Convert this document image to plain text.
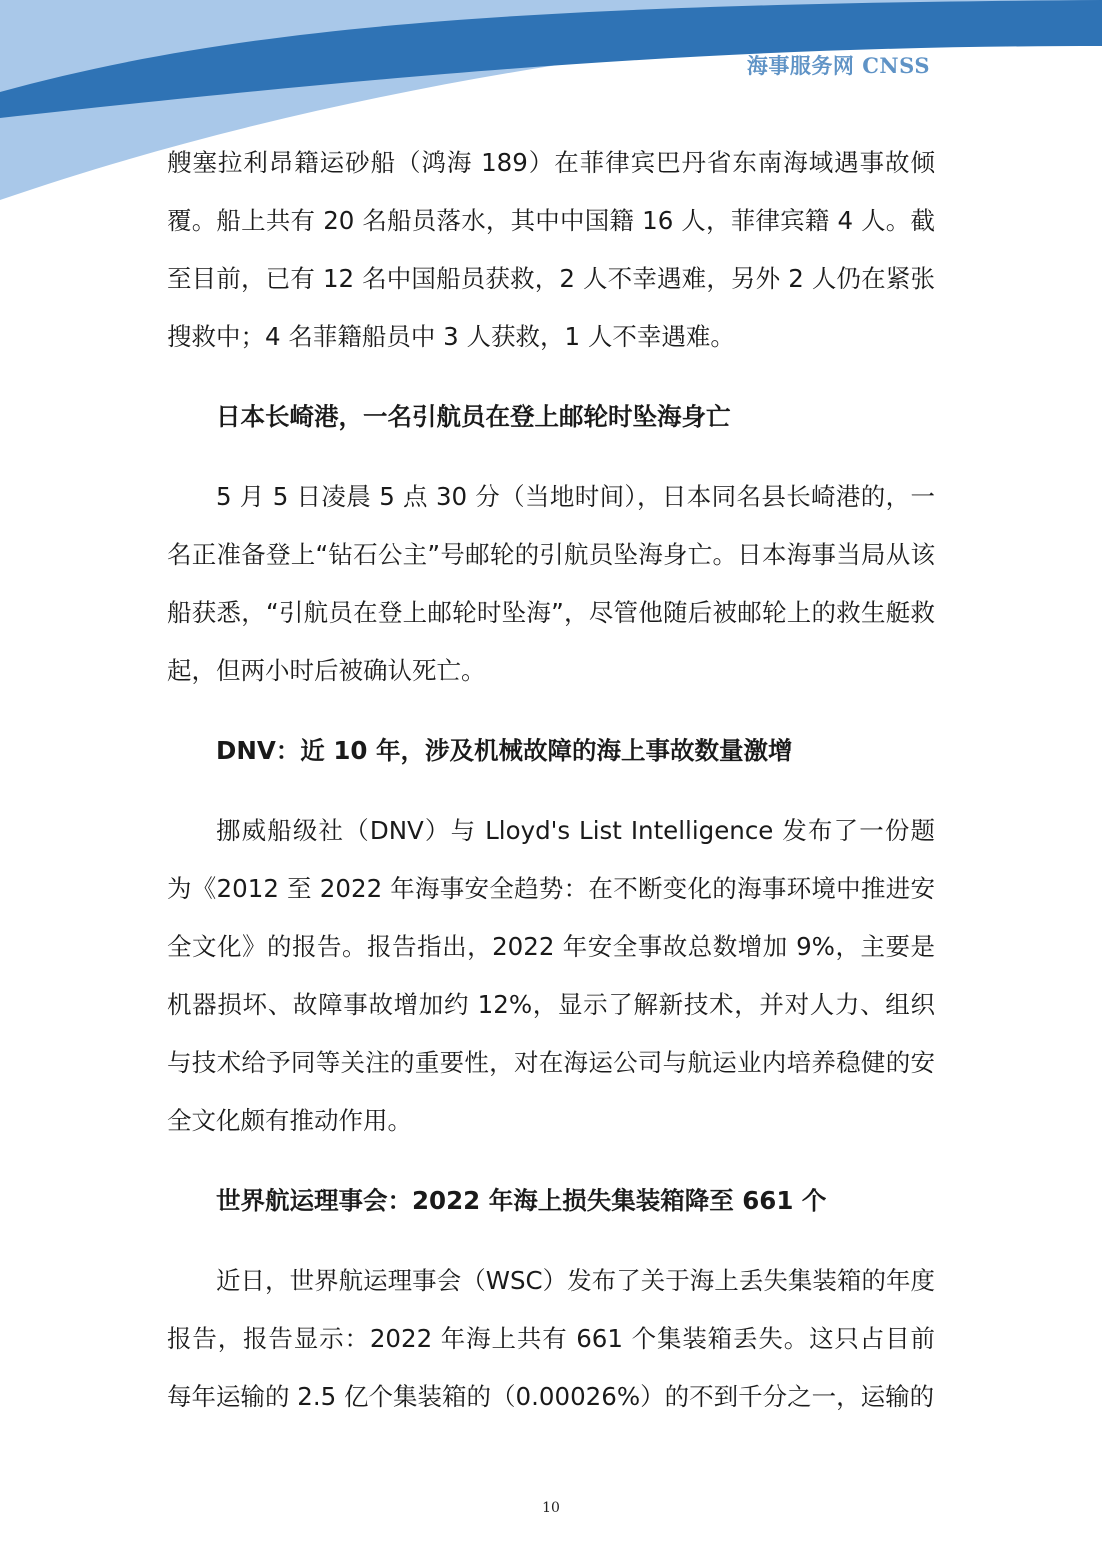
海事服务网 CNSS

艘塞拉利昂籍运砂船（鸿海 189）在菲律宾巴丹省东南海域遇事故倾覆。船上共有 20 名船员落水，其中中国籍 16 人，菲律宾籍 4 人。截至目前，已有 12 名中国船员获救，2 人不幸遇难，另外 2 人仍在紧张搜救中；4 名菲籍船员中 3 人获救，1 人不幸遇难。

日本长崎港，一名引航员在登上邮轮时坠海身亡

5 月 5 日凌晨 5 点 30 分（当地时间），日本同名县长崎港的，一名正准备登上“钻石公主”号邮轮的引航员坠海身亡。日本海事当局从该船获悉，“引航员在登上邮轮时坠海”，尽管他随后被邮轮上的救生艇救起，但两小时后被确认死亡。

DNV：近 10 年，涉及机械故障的海上事故数量激增

挪威船级社（DNV）与 Lloyd's List Intelligence 发布了一份题为《2012 至 2022 年海事安全趋势：在不断变化的海事环境中推进安全文化》的报告。报告指出，2022 年安全事故总数增加 9%，主要是机器损坏、故障事故增加约 12%，显示了解新技术，并对人力、组织与技术给予同等关注的重要性，对在海运公司与航运业内培养稳健的安全文化颇有推动作用。

世界航运理事会：2022 年海上损失集装箱降至 661 个

近日，世界航运理事会（WSC）发布了关于海上丢失集装箱的年度报告，报告显示：2022 年海上共有 661 个集装箱丢失。这只占目前每年运输的 2.5 亿个集装箱的（0.00026%）的不到千分之一，运输的

10
